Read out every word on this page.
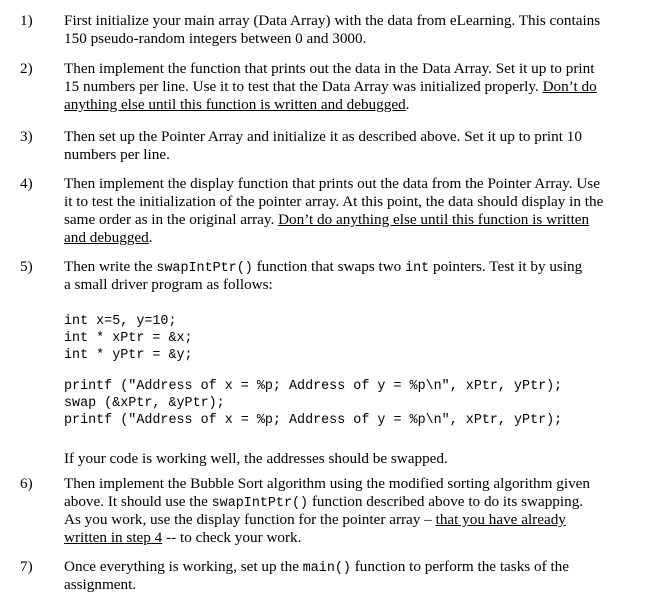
1) First initialize your main array (Data Array) with the data from eLearning. This contains
150 pseudo-random integers between 0 and 3000.
2) Then implement the function that prints out the data in the Data Array. Set it up to print
15 numbers per line. Use it to test that the Data Array was initialized properly. Don’t do
anything else until this function is written and debugged.
3) Then set up the Pointer Array and initialize it as described above. Set it up to print 10
numbers per line.
4) Then implement the display function that prints out the data from the Pointer Array. Use
it to test the initialization of the pointer array. At this point, the data should display in the
same order as in the original array. Don’t do anything else until this function is written
and debugged.
5) Then write the swapIntPtr() function that swaps two int pointers. Test it by using
a small driver program as follows:
int x=5, y=10;
int * xPtr = &x;
int * yPtr = &y;
printf ("Address of x = %p; Address of y = %p\n", xPtr, yPtr);
swap (&xPtr, &yPtr);
printf ("Address of x = %p; Address of y = %p\n", xPtr, yPtr);
If your code is working well, the addresses should be swapped.
6) Then implement the Bubble Sort algorithm using the modified sorting algorithm given
above. It should use the swapIntPtr() function described above to do its swapping.
As you work, use the display function for the pointer array – that you have already
written in step 4 -- to check your work.
7) Once everything is working, set up the main() function to perform the tasks of the
assignment.
